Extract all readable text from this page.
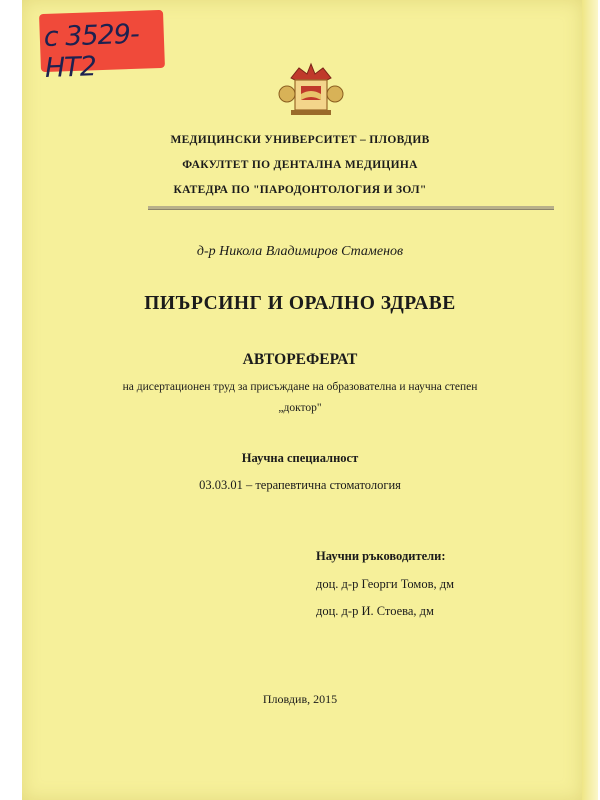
с 3529-НТ2
МЕДИЦИНСКИ УНИВЕРСИТЕТ – ПЛОВДИВ
ФАКУЛТЕТ ПО ДЕНТАЛНА МЕДИЦИНА
КАТЕДРА ПО "ПАРОДОНТОЛОГИЯ И ЗОЛ"
д-р Никола Владимиров Стаменов
ПИЪРСИНГ И ОРАЛНО ЗДРАВЕ
АВТОРЕФЕРАТ
на дисертационен труд за присъждане на образователна и научна степен
„доктор"
Научна специалност
03.03.01 – терапевтична стоматология
Научни ръководители:
доц. д-р Георги Томов, дм
доц. д-р И. Стоева, дм
Пловдив, 2015
